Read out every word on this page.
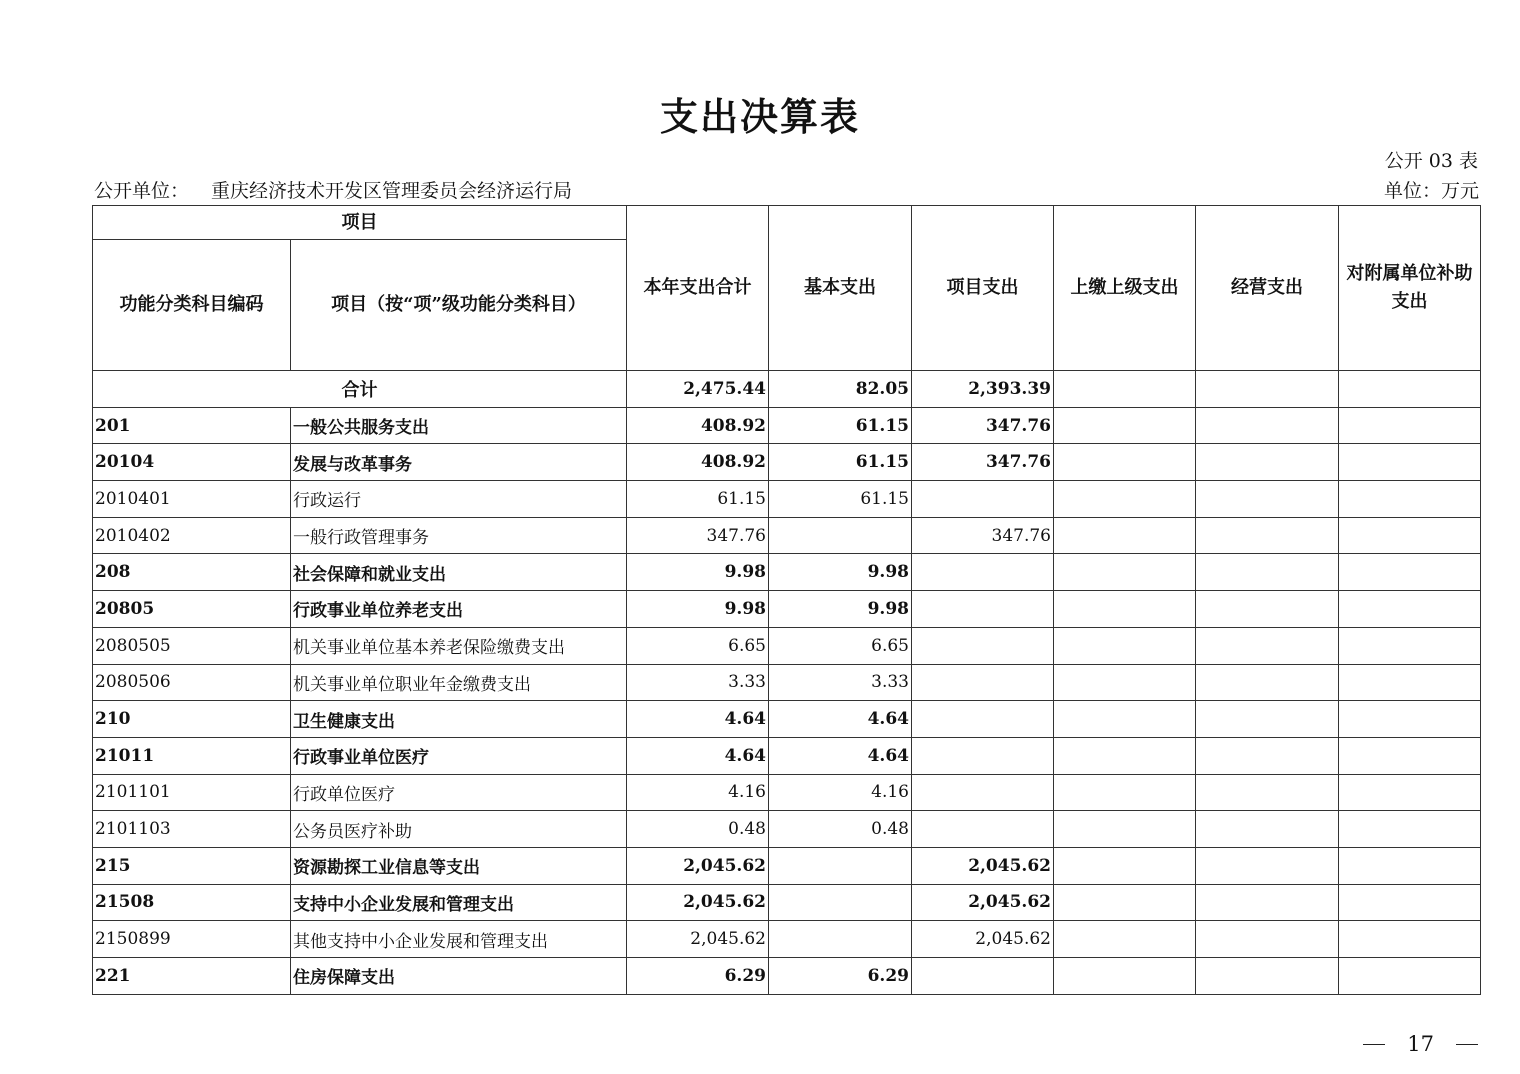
支出决算表
公开 03 表
公开单位： 重庆经济技术开发区管理委员会经济运行局	单位：万元
项目		本年支出合计	基本支出	项目支出	上缴上级支出	经营支出	对附属单位补助支出
功能分类科目编码	项目（按“项”级功能分类科目）						
合计		2,475.44	82.05	2,393.39			
201	一般公共服务支出	408.92	61.15	347.76			
20104	发展与改革事务	408.92	61.15	347.76			
2010401	行政运行	61.15	61.15				
2010402	一般行政管理事务	347.76		347.76			
208	社会保障和就业支出	9.98	9.98				
20805	行政事业单位养老支出	9.98	9.98				
2080505	机关事业单位基本养老保险缴费支出	6.65	6.65				
2080506	机关事业单位职业年金缴费支出	3.33	3.33				
210	卫生健康支出	4.64	4.64				
21011	行政事业单位医疗	4.64	4.64				
2101101	行政单位医疗	4.16	4.16				
2101103	公务员医疗补助	0.48	0.48				
215	资源勘探工业信息等支出	2,045.62		2,045.62			
21508	支持中小企业发展和管理支出	2,045.62		2,045.62			
2150899	其他支持中小企业发展和管理支出	2,045.62		2,045.62			
221	住房保障支出	6.29	6.29				
17
